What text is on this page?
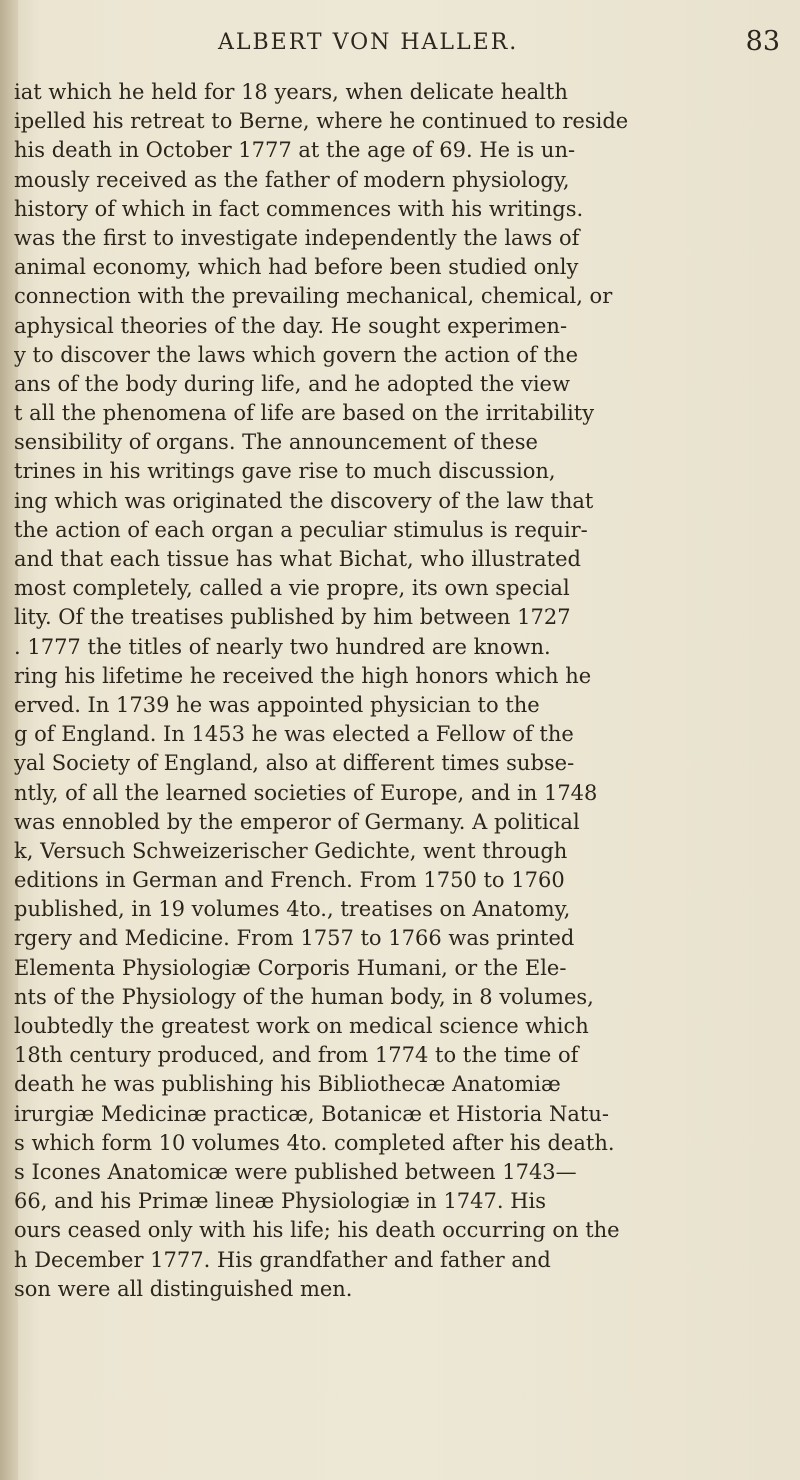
ALBERT VON HALLER.	83
iat which he held for 18 years, when delicate health
ipelled his retreat to Berne, where he continued to reside
his death in October 1777 at the age of 69. He is un-
mously received as the father of modern physiology,
history of which in fact commences with his writings.
was the first to investigate independently the laws of
animal economy, which had before been studied only
connection with the prevailing mechanical, chemical, or
aphysical theories of the day. He sought experimen-
y to discover the laws which govern the action of the
ans of the body during life, and he adopted the view
t all the phenomena of life are based on the irritability
sensibility of organs. The announcement of these
trines in his writings gave rise to much discussion,
ing which was originated the discovery of the law that
the action of each organ a peculiar stimulus is requir-
and that each tissue has what Bichat, who illustrated
most completely, called a vie propre, its own special
lity. Of the treatises published by him between 1727
. 1777 the titles of nearly two hundred are known.
ring his lifetime he received the high honors which he
erved. In 1739 he was appointed physician to the
g of England. In 1453 he was elected a Fellow of the
yal Society of England, also at different times subse-
ntly, of all the learned societies of Europe, and in 1748
was ennobled by the emperor of Germany. A political
k, Versuch Schweizerischer Gedichte, went through
editions in German and French. From 1750 to 1760
published, in 19 volumes 4to., treatises on Anatomy,
rgery and Medicine. From 1757 to 1766 was printed
Elementa Physiologiæ Corporis Humani, or the Ele-
nts of the Physiology of the human body, in 8 volumes,
loubtedly the greatest work on medical science which
18th century produced, and from 1774 to the time of
death he was publishing his Bibliothecæ Anatomiæ
irurgiæ Medicinæ practicæ, Botanicæ et Historia Natu-
s which form 10 volumes 4to. completed after his death.
s Icones Anatomicæ were published between 1743—
66, and his Primæ lineæ Physiologiæ in 1747. His
ours ceased only with his life; his death occurring on the
h December 1777. His grandfather and father and
son were all distinguished men.
